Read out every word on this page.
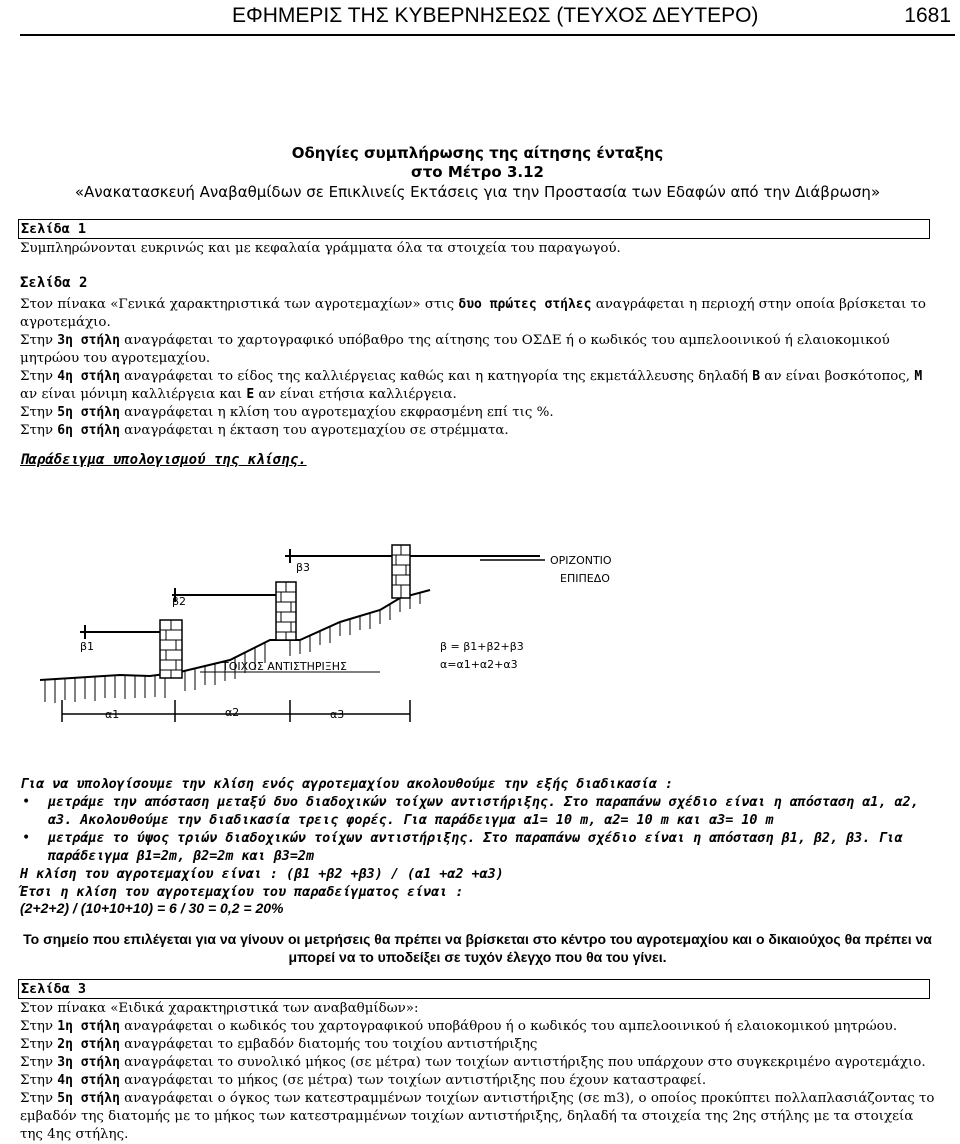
ΕΦΗΜΕΡΙΣ ΤΗΣ ΚΥΒΕΡΝΗΣΕΩΣ (ΤΕΥΧΟΣ ΔΕΥΤΕΡΟ)	1681
Οδηγίες συμπλήρωσης της αίτησης ένταξης
στο Μέτρο 3.12
«Ανακατασκευή Αναβαθμίδων σε Επικλινείς Εκτάσεις για την Προστασία των Εδαφών από την Διάβρωση»
Σελίδα 1
Συμπληρώνονται ευκρινώς και με κεφαλαία γράμματα όλα τα στοιχεία του παραγωγού.
Σελίδα 2
Στον πίνακα «Γενικά χαρακτηριστικά των αγροτεμαχίων» στις δυο πρώτες στήλες αναγράφεται η περιοχή στην οποία βρίσκεται το αγροτεμάχιο.
Στην 3η στήλη αναγράφεται το χαρτογραφικό υπόβαθρο της αίτησης του ΟΣΔΕ ή ο κωδικός του αμπελοοινικού ή ελαιοκομικού μητρώου του αγροτεμαχίου.
Στην 4η στήλη αναγράφεται το είδος της καλλιέργειας καθώς και η κατηγορία της εκμετάλλευσης δηλαδή Β αν είναι βοσκότοπος, Μ αν είναι μόνιμη καλλιέργεια και Ε αν είναι ετήσια καλλιέργεια.
Στην 5η στήλη αναγράφεται η κλίση του αγροτεμαχίου εκφρασμένη επί τις %.
Στην 6η στήλη αναγράφεται η έκταση του αγροτεμαχίου σε στρέμματα.
Παράδειγμα υπολογισμού της κλίσης.
β1
β2
β3
ΟΡΙΖΟΝΤΙΟ
ΕΠΙΠΕΔΟ
ΤΟΙΧΟΣ ΑΝΤΙΣΤΗΡΙΞΗΣ
β = β1+β2+β3
α=α1+α2+α3
α1	α2	α3
Για να υπολογίσουμε την κλίση ενός αγροτεμαχίου ακολουθούμε την εξής διαδικασία :
• μετράμε την απόσταση μεταξύ δυο διαδοχικών τοίχων αντιστήριξης. Στο παραπάνω σχέδιο είναι η απόσταση α1, α2, α3. Ακολουθούμε την διαδικασία τρεις φορές. Για παράδειγμα α1= 10 m, α2= 10 m και α3= 10 m
• μετράμε το ύψος τριών διαδοχικών τοίχων αντιστήριξης. Στο παραπάνω σχέδιο είναι η απόσταση β1, β2, β3. Για παράδειγμα β1=2m, β2=2m και β3=2m
Η κλίση του αγροτεμαχίου είναι : (β1 +β2 +β3) / (α1 +α2 +α3)
Έτσι η κλίση του αγροτεμαχίου του παραδείγματος είναι :
(2+2+2) / (10+10+10) = 6 / 30 = 0,2 = 20%
Το σημείο που επιλέγεται για να γίνουν οι μετρήσεις θα πρέπει να βρίσκεται στο κέντρο του αγροτεμαχίου και ο δικαιούχος θα πρέπει να μπορεί να το υποδείξει σε τυχόν έλεγχο που θα του γίνει.
Σελίδα 3
Στον πίνακα «Ειδικά χαρακτηριστικά των αναβαθμίδων»:
Στην 1η στήλη αναγράφεται ο κωδικός του χαρτογραφικού υποβάθρου ή ο κωδικός του αμπελοοινικού ή ελαιοκομικού μητρώου.
Στην 2η στήλη αναγράφεται το εμβαδόν διατομής του τοιχίου αντιστήριξης
Στην 3η στήλη αναγράφεται το συνολικό μήκος (σε μέτρα) των τοιχίων αντιστήριξης που υπάρχουν στο συγκεκριμένο αγροτεμάχιο.
Στην 4η στήλη αναγράφεται το μήκος (σε μέτρα) των τοιχίων αντιστήριξης που έχουν καταστραφεί.
Στην 5η στήλη αναγράφεται ο όγκος των κατεστραμμένων τοιχίων αντιστήριξης (σε m3), ο οποίος προκύπτει πολλαπλασιάζοντας το εμβαδόν της διατομής με το μήκος των κατεστραμμένων τοιχίων αντιστήριξης, δηλαδή τα στοιχεία της 2ης στήλης με τα στοιχεία της 4ης στήλης.
